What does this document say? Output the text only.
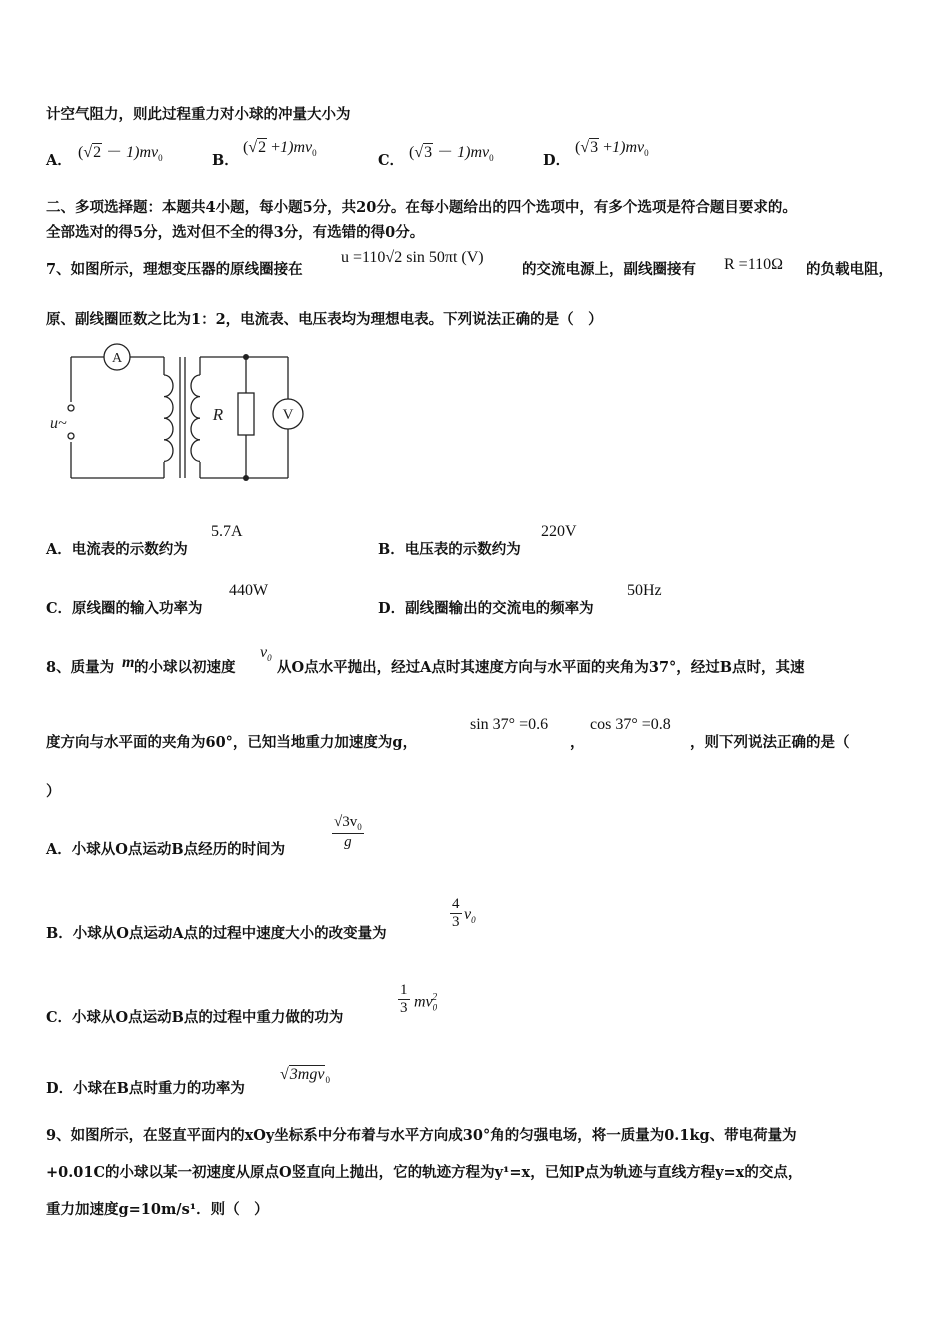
计空气阻力，则此过程重力对小球的冲量大小为
A． $(√2 - 1)mv_0$	B．
$(√2 +1)mv_0$	C． $(√3 - 1)mv_0$	D．
$(√3 +1)mv_0$
二、多项选择题：本题共4小题，每小题5分，共20分。在每小题给出的四个选项中，有多个选项是符合题目要求的。
全部选对的得5分，选对但不全的得3分，有选错的得0分。
7、如图所示，理想变压器的原线圈接在
u =110√2 sin 50πt (V)
的交流电源上，副线圈接有 R =110Ω 的负载电阻，
原、副线圈匝数之比为1：2，电流表、电压表均为理想电表。下列说法正确的是（　）
A
V
R
u~
A．电流表的示数约为
5.7A
B．电压表的示数约为
220V
C．原线圈的输入功率为
440W
D．副线圈输出的交流电的频率为
50Hz
8、质量为 m 的小球以初速度
$v_0$
从O点水平抛出，经过A点时其速度方向与水平面的夹角为37°，经过B点时，其速
度方向与水平面的夹角为60°，已知当地重力加速度为g，
sin 37° =0.6
，
cos 37° =0.8
，则下列说法正确的是（
）
A．小球从O点运动B点经历的时间为	$\frac{√3v_0}{g}$
B．小球从O点运动A点的过程中速度大小的改变量为
$\frac{4}{3} v_0$
C．小球从O点运动B点的过程中重力做的功为
$\frac{1}{3} mv_0^2$
D．小球在B点时重力的功率为
√3mgv$_0$
9、如图所示，在竖直平面内的xOy坐标系中分布着与水平方向成30°角的匀强电场，将一质量为0.1kg、带电荷量为
+0.01C的小球以某一初速度从原点O竖直向上抛出，它的轨迹方程为y¹=x，已知P点为轨迹与直线方程y=x的交点，
重力加速度g=10m/s¹．则（　）
